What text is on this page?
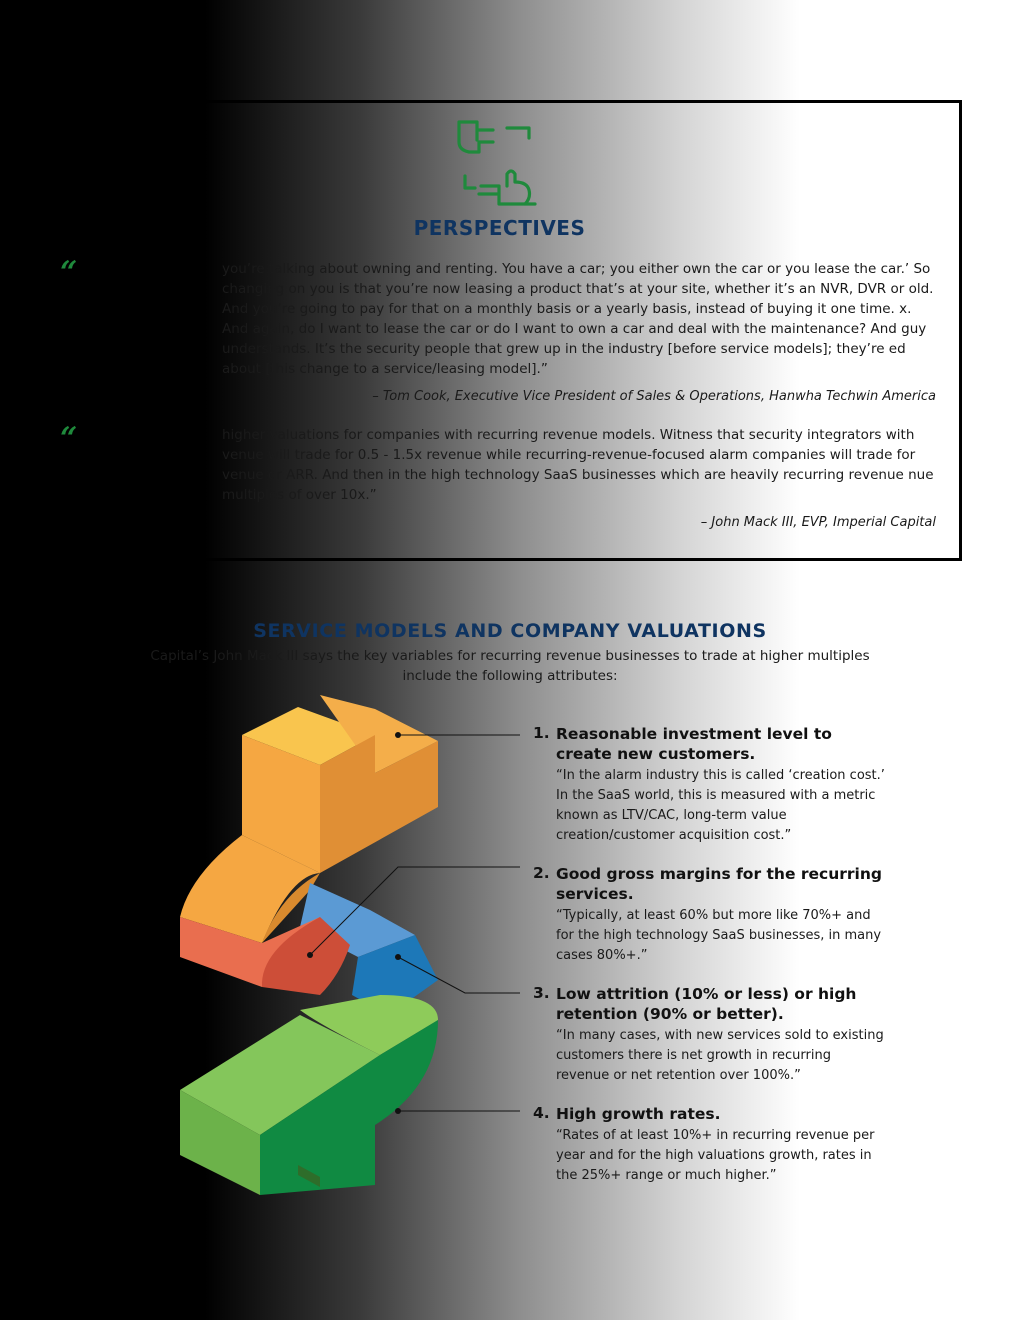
PERSPECTIVES
“	you’re talking about owning and renting. You have a car; you either own the car or you lease the car.’ So changing on you is that you’re now leasing a product that’s at your site, whether it’s an NVR, DVR or old. And you’re going to pay for that on a monthly basis or a yearly basis, instead of buying it one time. x. And again, do I want to lease the car or do I want to own a car and deal with the maintenance? And guy understands. It’s the security people that grew up in the industry [before service models]; they’re ed about [this change to a service/leasing model].”

– Tom Cook, Executive Vice President of Sales & Operations, Hanwha Techwin America
“	higher valuations for companies with recurring revenue models. Witness that security integrators with venue will trade for 0.5 - 1.5x revenue while recurring-revenue-focused alarm companies will trade for venue or ARR. And then in the high technology SaaS businesses which are heavily recurring revenue nue multiples of over 10x.”

– John Mack III, EVP, Imperial Capital
SERVICE MODELS AND COMPANY VALUATIONS

Capital’s John Mack III says the key variables for recurring revenue businesses to trade at higher multiples include the following attributes:

1. Reasonable investment level to create new customers.

“In the alarm industry this is called ‘creation cost.’ In the SaaS world, this is measured with a metric known as LTV/CAC, long-term value creation/customer acquisition cost.”

2. Good gross margins for the recurring services.

“Typically, at least 60% but more like 70%+ and for the high technology SaaS businesses, in many cases 80%+.”

3. Low attrition (10% or less) or high retention (90% or better).

“In many cases, with new services sold to existing customers there is net growth in recurring revenue or net retention over 100%.”

4. High growth rates.

“Rates of at least 10%+ in recurring revenue per year and for the high valuations growth, rates in the 25%+ range or much higher.”
